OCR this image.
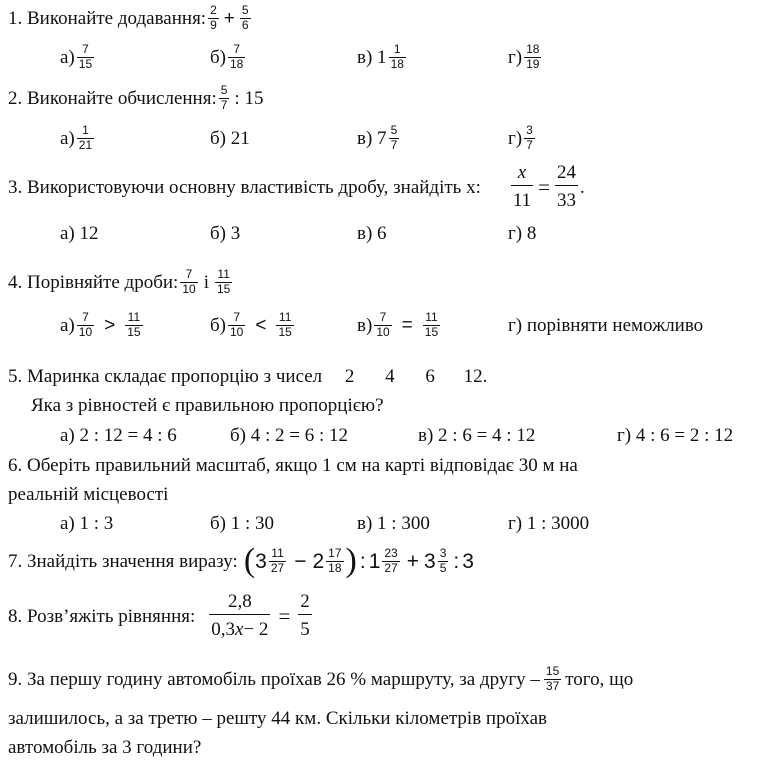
1. Виконайте додавання: 2
$9 + \frac{5}{6}$
а) 7
15	б) 7
18	в) 1 1
18	г) 18
19
2. Виконайте обчислення: 5
7 : 15
а) 1
21	б) 21	в) 7 5
7	г) 3
7
3. Використовуючи основну властивість дробу, знайдіть х: $\frac{x}{11} = \frac{24}{33}$ .
а) 12	б) 3	в) 6	г) 8
4. Порівняйте дроби: 7
10 і 11
15
а) 7
10 > 11
15	б) 7
10 < 11
15	$в) \frac{7}{10} = \frac{11}{15}$	г) порівняти неможливо
5. Маринка складає пропорцію з чисел 2 4 6 12.
Яка з рівностей є правильною пропорцією?
а) 2 : 12 = 4 : 6	б) 4 : 2 = 6 : 12	в) 2 : 6 = 4 : 12	г) 4 : 6 = 2 : 12
6. Оберіть правильний масштаб, якщо 1 см на карті відповідає 30 м на
реальній місцевості
а) 1 : 3	б) 1 : 30	в) 1 : 300	г) 1 : 3000
7. Знайдіть значення виразу: ( 3 11
27 − 2 17
18 ) : 1 23
27 + 3 3
5 : 3
8. Розв’яжіть рівняння: $\frac{2,8}{0,3x- 2} = \frac{2}{5}$
9. За першу годину автомобіль проїхав 26 % маршруту, за другу – 15
37 того, що
залишилось, а за третю – решту 44 км. Скільки кілометрів проїхав
автомобіль за 3 години?
